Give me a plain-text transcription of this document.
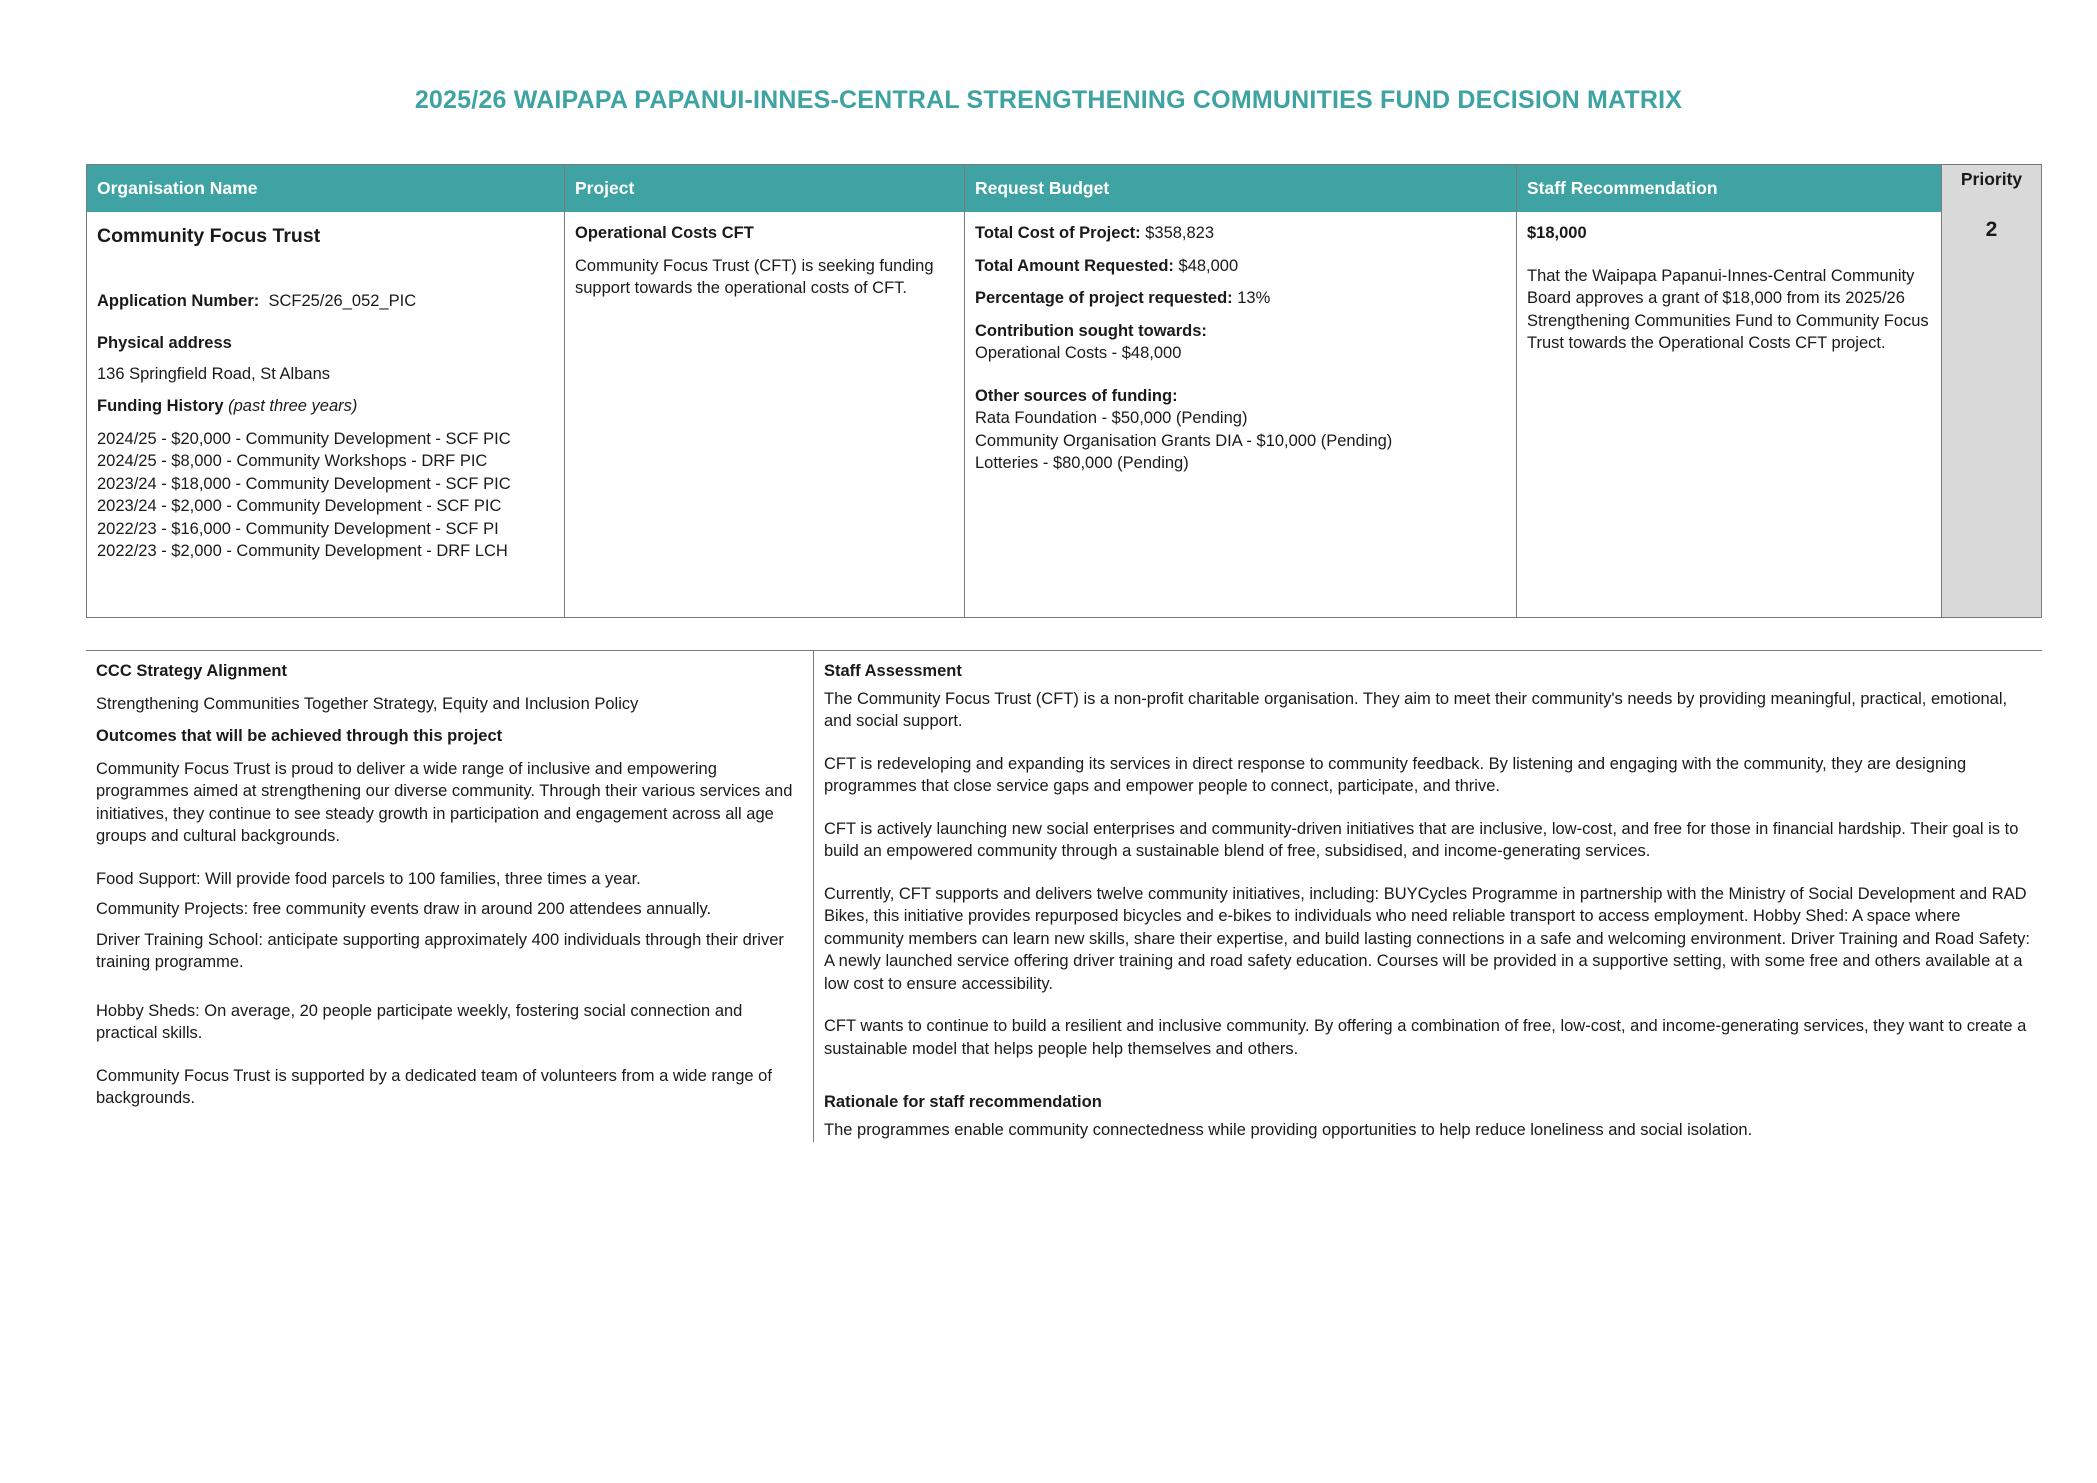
2025/26 WAIPAPA PAPANUI-INNES-CENTRAL STRENGTHENING COMMUNITIES FUND DECISION MATRIX
Organisation Name
Community Focus Trust
Application Number: SCF25/26_052_PIC
Physical address
136 Springfield Road, St Albans
Funding History (past three years)
2024/25 - $20,000 - Community Development - SCF PIC
2024/25 - $8,000 - Community Workshops - DRF PIC
2023/24 - $18,000 - Community Development - SCF PIC
2023/24 - $2,000 - Community Development - SCF PIC
2022/23 - $16,000 - Community Development - SCF PI
2022/23 - $2,000 - Community Development - DRF LCH
Project
Operational Costs CFT
Community Focus Trust (CFT) is seeking funding support towards the operational costs of CFT.
Request Budget
Total Cost of Project: $358,823
Total Amount Requested: $48,000
Percentage of project requested: 13%
Contribution sought towards:
Operational Costs - $48,000
Other sources of funding:
Rata Foundation - $50,000 (Pending)
Community Organisation Grants DIA - $10,000 (Pending)
Lotteries - $80,000 (Pending)
Staff Recommendation
$18,000
That the Waipapa Papanui-Innes-Central Community Board approves a grant of $18,000 from its 2025/26 Strengthening Communities Fund to Community Focus Trust towards the Operational Costs CFT project.
Priority
2

CCC Strategy Alignment

Strengthening Communities Together Strategy, Equity and Inclusion Policy

Outcomes that will be achieved through this project

Community Focus Trust is proud to deliver a wide range of inclusive and empowering programmes aimed at strengthening our diverse community. Through their various services and initiatives, they continue to see steady growth in participation and engagement across all age groups and cultural backgrounds.

Food Support: Will provide food parcels to 100 families, three times a year.

Community Projects: free community events draw in around 200 attendees annually.

Driver Training School: anticipate supporting approximately 400 individuals through their driver training programme.

Hobby Sheds: On average, 20 people participate weekly, fostering social connection and practical skills.

Community Focus Trust is supported by a dedicated team of volunteers from a wide range of backgrounds.

Staff Assessment

The Community Focus Trust (CFT) is a non-profit charitable organisation. They aim to meet their community's needs by providing meaningful, practical, emotional, and social support.

CFT is redeveloping and expanding its services in direct response to community feedback. By listening and engaging with the community, they are designing programmes that close service gaps and empower people to connect, participate, and thrive.

CFT is actively launching new social enterprises and community-driven initiatives that are inclusive, low-cost, and free for those in financial hardship. Their goal is to build an empowered community through a sustainable blend of free, subsidised, and income-generating services.

Currently, CFT supports and delivers twelve community initiatives, including: BUYCycles Programme in partnership with the Ministry of Social Development and RAD Bikes, this initiative provides repurposed bicycles and e-bikes to individuals who need reliable transport to access employment. Hobby Shed: A space where community members can learn new skills, share their expertise, and build lasting connections in a safe and welcoming environment. Driver Training and Road Safety: A newly launched service offering driver training and road safety education. Courses will be provided in a supportive setting, with some free and others available at a low cost to ensure accessibility.

CFT wants to continue to build a resilient and inclusive community. By offering a combination of free, low-cost, and income-generating services, they want to create a sustainable model that helps people help themselves and others.

Rationale for staff recommendation

The programmes enable community connectedness while providing opportunities to help reduce loneliness and social isolation.
